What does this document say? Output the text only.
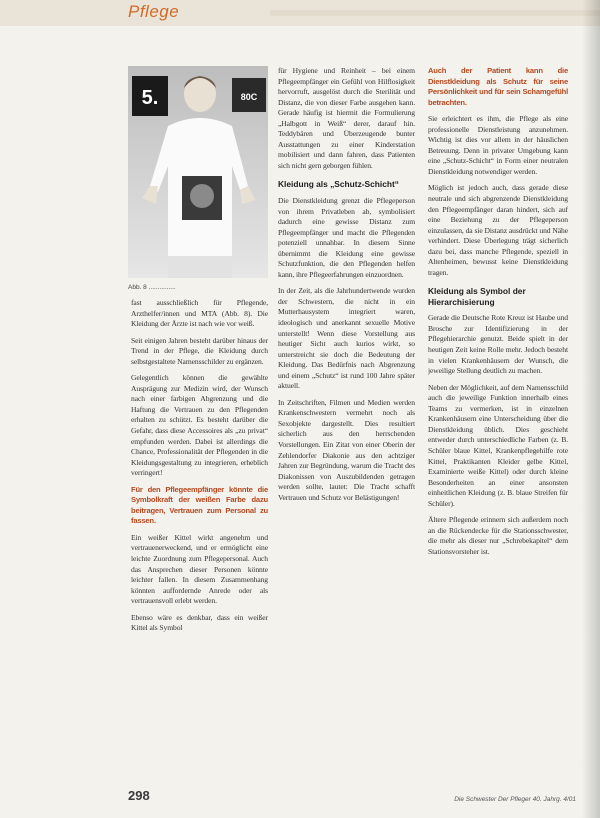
Pflege
5.	80C
Abb. 8 ...............

fast ausschließlich für Pflegende, Arzthelfer/innen und MTA (Abb. 8). Die Kleidung der Ärzte ist nach wie vor weiß.

Seit einigen Jahren besteht darüber hinaus der Trend in der Pflege, die Kleidung durch selbstgestaltete Namensschilder zu ergänzen.

Gelegentlich können die gewählte Ausprägung zur Medizin wird, der Wunsch nach einer farbigen Abgrenzung und die Haftung die Vertrauen zu den Pflegenden erhalten zu schützt. Es besteht darüber die Gefahr, dass diese Accessoires als „zu privat“ empfunden werden. Dabei ist allerdings die Chance, Professionalität der Pflegenden in die Kleidungsgestaltung zu integrieren, erheblich verringert!

Für den Pflegeempfänger könnte die Symbolkraft der weißen Farbe dazu beitragen, Vertrauen zum Personal zu fassen.

Ein weißer Kittel wirkt angenehm und vertrauenerweckend, und er ermöglicht eine leichte Zuordnung zum Pflegepersonal. Auch das Ansprechen dieser Personen könnte leichter fallen. In diesem Zusammenhang könnten auffordernde Anrede oder als vertrauensvoll erlebt werden.

Ebenso wäre es denkbar, dass ein weißer Kittel als Symbol

für Hygiene und Reinheit – bei einem Pflegeempfänger ein Gefühl von Hilflosigkeit hervorruft, ausgelöst durch die Sterilität und Distanz, die von dieser Farbe ausgehen kann. Gerade häufig ist hiermit die Formulierung „Halbgott in Weiß“ derer, darauf hin. Teddybären und Überzeugende bunter Ausstattungen zu einer Kinderstation mobilisiert und dann fahren, dass Patienten sich nicht gern geborgen fühlen.

Kleidung als „Schutz-Schicht“

Die Dienstkleidung grenzt die Pflegeperson von ihrem Privatleben ab, symbolisiert dadurch eine gewisse Distanz zum Pflegeempfänger und macht die Pflegenden potenziell unnahbar. In diesem Sinne übernimmt die Kleidung eine gewisse Schutzfunktion, die den Pflegenden helfen kann, ihre Pflegeerfahrungen einzuordnen.

In der Zeit, als die Jahrhundertwende wurden der Schwestern, die nicht in ein Mutterhausystem integriert waren, ideologisch und anerkannt sexuelle Motive unterstellt! Wenn diese Vorstellung aus heutiger Sicht auch kurios wirkt, so unterstreicht sie doch die Bedeutung der Kleidung. Das Bedürfnis nach Abgrenzung und einem „Schutz“ ist rund 100 Jahre später aktuell.

In Zeitschriften, Filmen und Medien werden Krankenschwestern vermehrt noch als Sexobjekte dargestellt. Dies resultiert sicherlich aus den herrschenden Vorstellungen. Ein Zitat von einer Oberin der Zehlendorfer Diakonie aus den achtziger Jahren zur Begründung, warum die Tracht des Diakonissen von Auszubildenden getragen werden sollte, lautet: Die Tracht schafft Vertrauen und Schutz vor Belästigungen!

Auch der Patient kann die Dienstkleidung als Schutz für seine Persönlichkeit und für sein Schamgefühl betrachten.

Sie erleichtert es ihm, die Pflege als eine professionelle Dienstleistung anzunehmen. Wichtig ist dies vor allem in der häuslichen Betreuung. Denn in privater Umgebung kann eine „Schutz-Schicht“ in Form einer neutralen Dienstkleidung notwendiger werden.

Möglich ist jedoch auch, dass gerade diese neutrale und sich abgrenzende Dienstkleidung den Pflegeempfänger daran hindert, sich auf eine Beziehung zu der Pflegeperson einzulassen, da sie Distanz ausdrückt und Nähe verhindert. Diese Überlegung trägt sicherlich dazu bei, dass manche Pflegende, speziell in Altenheimen, bewusst keine Dienstkleidung tragen.

Kleidung als Symbol der Hierarchisierung

Gerade die Deutsche Rote Kreuz ist Haube und Brosche zur Identifizierung in der Pflegehierarchie genutzt. Beide spielt in der heutigen Zeit keine Rolle mehr. Jedoch besteht in vielen Krankenhäusern der Wunsch, die jeweilige Stellung deutlich zu machen.

Neben der Möglichkeit, auf dem Namensschild auch die jeweilige Funktion innerhalb eines Teams zu vermerken, ist in einzelnen Krankenhäusern eine Unterscheidung über die Dienstkleidung üblich. Dies geschieht entweder durch unterschiedliche Farben (z. B. Schüler blaue Kittel, Krankenpflegehilfe rote Kittel, Praktikanten Kleider gelbe Kittel, Examinierte weiße Kittel) oder durch kleine Besonderheiten an einer ansonsten einheitlichen Kleidung (z. B. blaue Streifen für Schüler).

Ältere Pflegende erinnern sich außerdem noch an die Rückendecke für die Stationsschwester, die mehr als dieser nur „Schrebekapitel“ dem Stationsvorsteher ist.

298	Die Schwester Der Pfleger 40. Jahrg. 4/01
